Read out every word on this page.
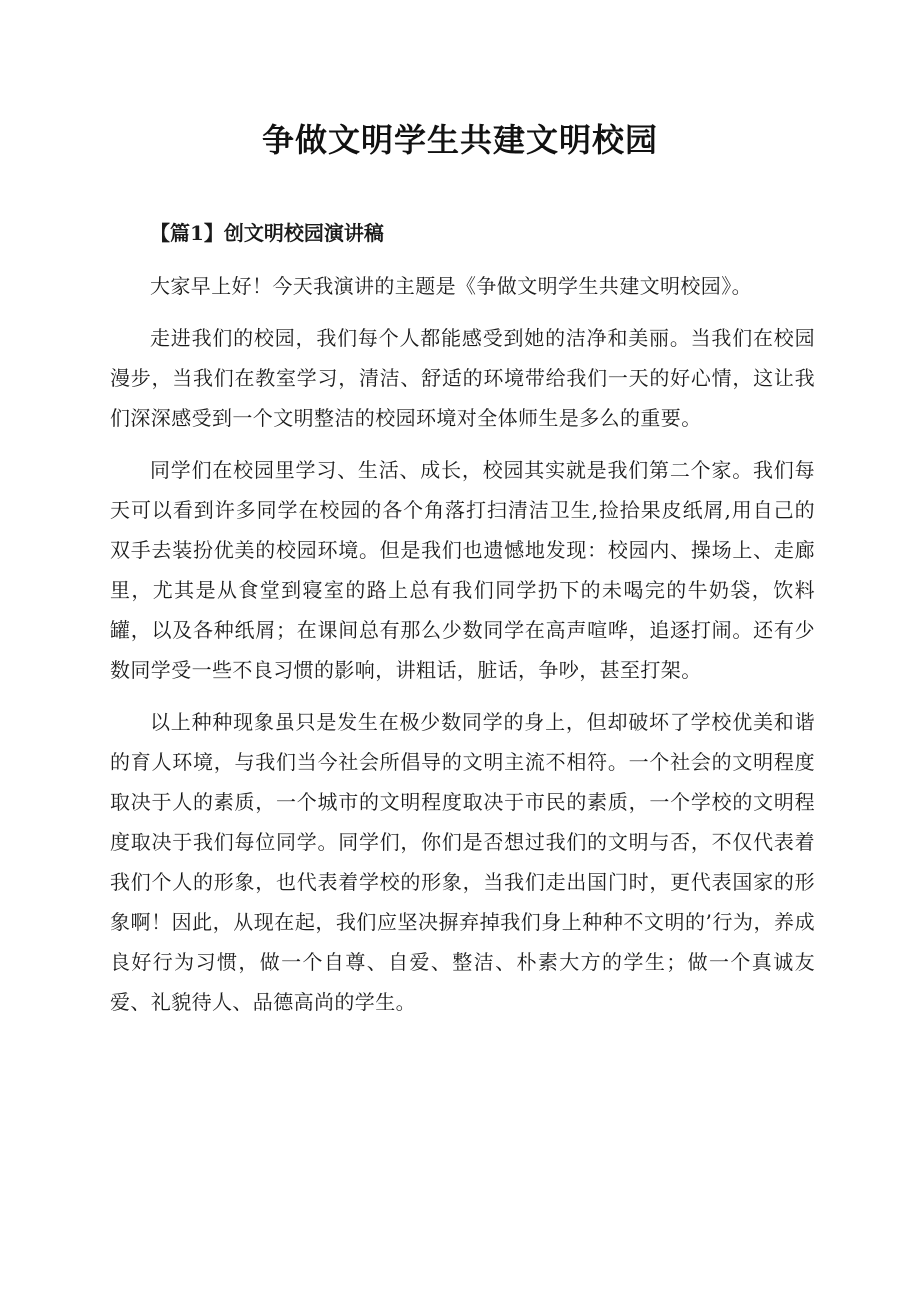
争做文明学生共建文明校园
【篇1】创文明校园演讲稿

大家早上好！今天我演讲的主题是《争做文明学生共建文明校园》。

走进我们的校园，我们每个人都能感受到她的洁净和美丽。当我们在校园漫步，当我们在教室学习，清洁、舒适的环境带给我们一天的好心情，这让我们深深感受到一个文明整洁的校园环境对全体师生是多么的重要。

同学们在校园里学习、生活、成长，校园其实就是我们第二个家。我们每天可以看到许多同学在校园的各个角落打扫清洁卫生,捡拾果皮纸屑,用自己的双手去装扮优美的校园环境。但是我们也遗憾地发现：校园内、操场上、走廊里，尤其是从食堂到寝室的路上总有我们同学扔下的未喝完的牛奶袋，饮料罐，以及各种纸屑；在课间总有那么少数同学在高声喧哗，追逐打闹。还有少数同学受一些不良习惯的影响，讲粗话，脏话，争吵，甚至打架。

以上种种现象虽只是发生在极少数同学的身上，但却破坏了学校优美和谐的育人环境，与我们当今社会所倡导的文明主流不相符。一个社会的文明程度取决于人的素质，一个城市的文明程度取决于市民的素质，一个学校的文明程度取决于我们每位同学。同学们，你们是否想过我们的文明与否，不仅代表着我们个人的形象，也代表着学校的形象，当我们走出国门时，更代表国家的形象啊！因此，从现在起，我们应坚决摒弃掉我们身上种种不文明的’行为，养成良好行为习惯，做一个自尊、自爱、整洁、朴素大方的学生；做一个真诚友爱、礼貌待人、品德高尚的学生。
